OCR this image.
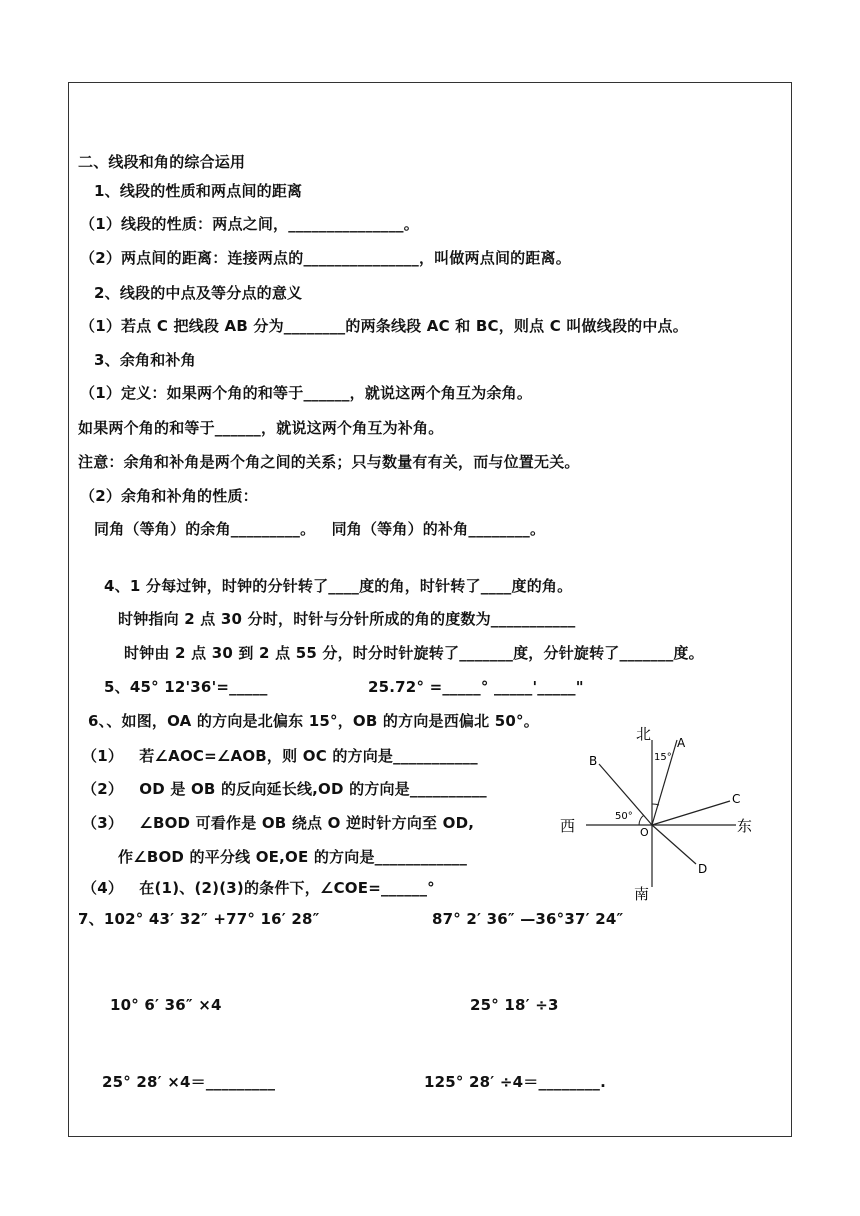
二、线段和角的综合运用
1、线段的性质和两点间的距离
（1）线段的性质：两点之间，_______________。
（2）两点间的距离：连接两点的_______________，叫做两点间的距离。
2、线段的中点及等分点的意义
（1）若点 C 把线段 AB 分为________的两条线段 AC 和 BC，则点 C 叫做线段的中点。
3、余角和补角
（1）定义：如果两个角的和等于______，就说这两个角互为余角。
如果两个角的和等于______，就说这两个角互为补角。
注意：余角和补角是两个角之间的关系；只与数量有有关，而与位置无关。
（2）余角和补角的性质：
同角（等角）的余角_________。   同角（等角）的补角________。
4、1 分每过钟，时钟的分针转了____度的角，时针转了____度的角。
时钟指向 2 点 30 分时，时针与分针所成的角的度数为___________
时钟由 2 点 30 到 2 点 55 分，时分时针旋转了_______度，分针旋转了_______度。
5、45° 12'36'=_____	25.72° =_____° _____'_____"
6、、如图，OA 的方向是北偏东 15°，OB 的方向是西偏北 50°。
（1）   若∠AOC=∠AOB，则 OC 的方向是___________
（2）   OD 是 OB 的反向延长线,OD 的方向是__________
（3）   ∠BOD 可看作是 OB 绕点 O 逆时针方向至 OD,
作∠BOD 的平分线 OE,OE 的方向是____________
（4）   在(1)、(2)(3)的条件下，∠COE=______°
7、102° 43′ 32″ +77° 16′ 28″	87° 2′ 36″ —36°37′ 24″
10° 6′ 36″ ×4	25° 18′ ÷3
25° 28′ ×4＝_________	125° 28′ ÷4＝________.
北
南
西	东
A
B
C
D
O
15°
50°
